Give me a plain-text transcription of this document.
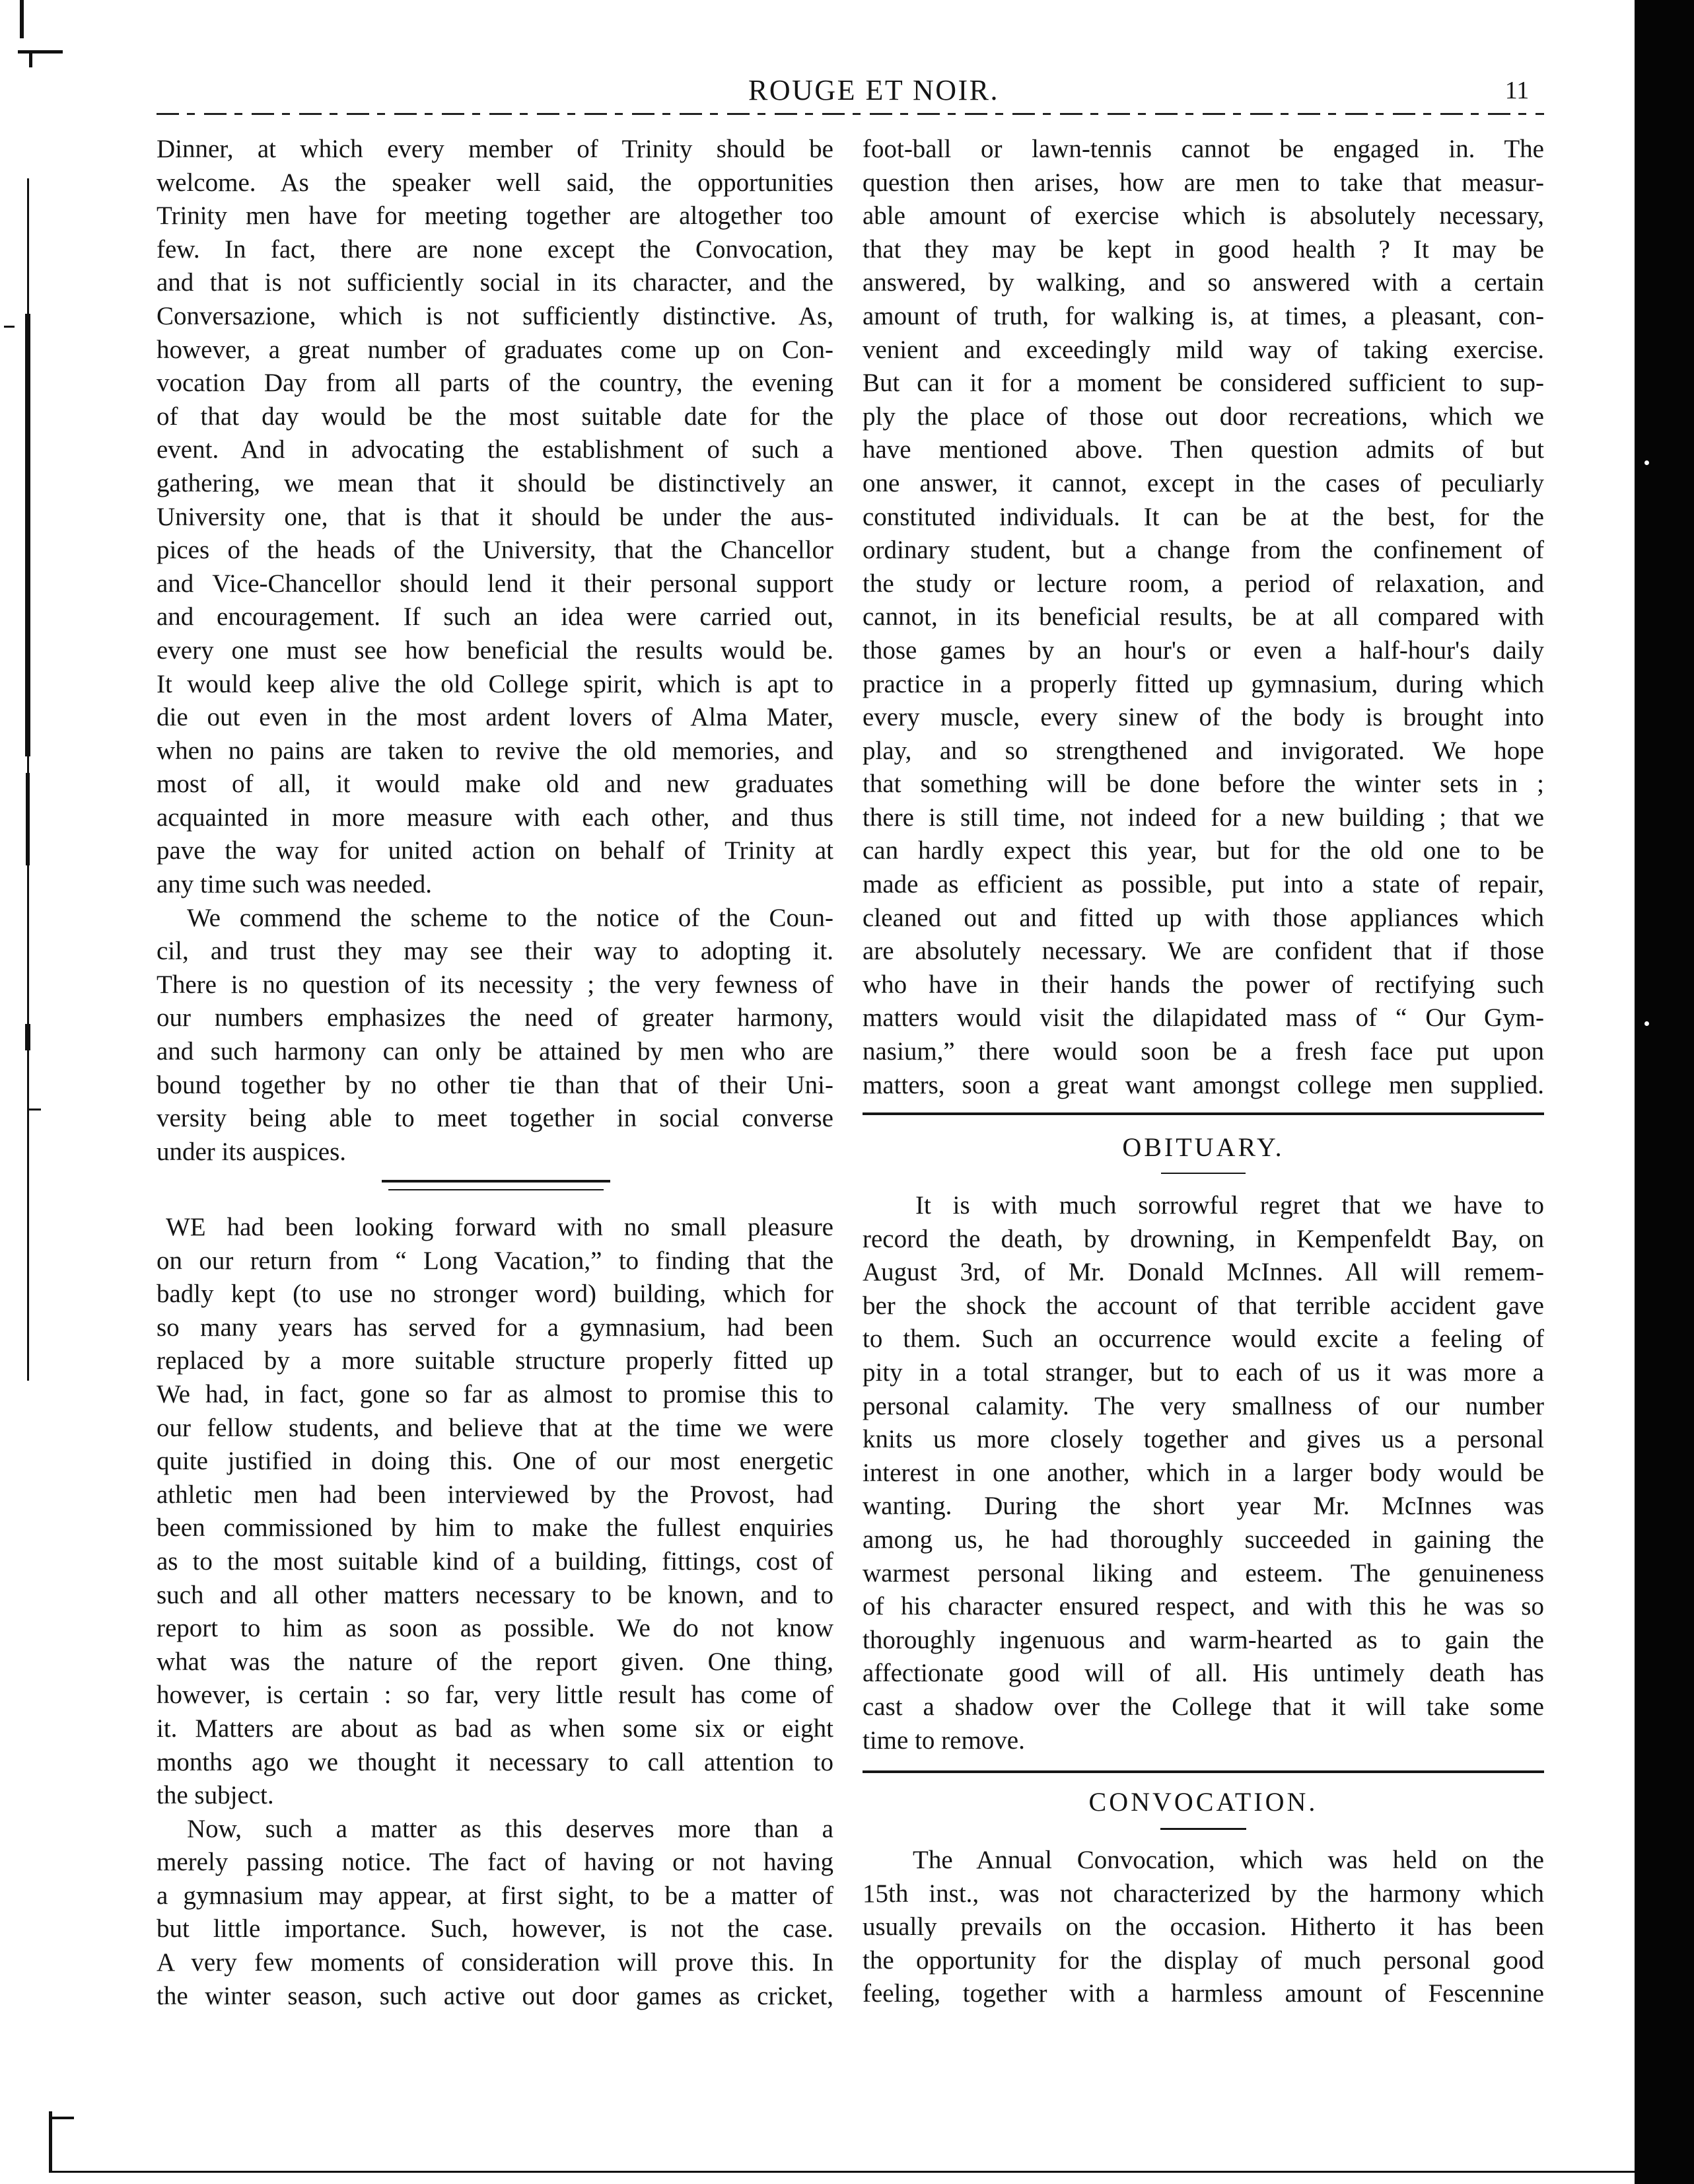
ROUGE ET NOIR.	11
Dinner, at which every member of Trinity should be
welcome. As the speaker well said, the opportunities
Trinity men have for meeting together are altogether too
few. In fact, there are none except the Convocation,
and that is not sufficiently social in its character, and the
Conversazione, which is not sufficiently distinctive. As,
however, a great number of graduates come up on Con-
vocation Day from all parts of the country, the evening
of that day would be the most suitable date for the
event. And in advocating the establishment of such a
gathering, we mean that it should be distinctively an
University one, that is that it should be under the aus-
pices of the heads of the University, that the Chancellor
and Vice-Chancellor should lend it their personal support
and encouragement. If such an idea were carried out,
every one must see how beneficial the results would be.
It would keep alive the old College spirit, which is apt to
die out even in the most ardent lovers of Alma Mater,
when no pains are taken to revive the old memories, and
most of all, it would make old and new graduates
acquainted in more measure with each other, and thus
pave the way for united action on behalf of Trinity at
any time such was needed.
We commend the scheme to the notice of the Coun-
cil, and trust they may see their way to adopting it.
There is no question of its necessity ; the very fewness of
our numbers emphasizes the need of greater harmony,
and such harmony can only be attained by men who are
bound together by no other tie than that of their Uni-
versity being able to meet together in social converse
under its auspices.
WE had been looking forward with no small pleasure
on our return from “ Long Vacation,” to finding that the
badly kept (to use no stronger word) building, which for
so many years has served for a gymnasium, had been
replaced by a more suitable structure properly fitted up
We had, in fact, gone so far as almost to promise this to
our fellow students, and believe that at the time we were
quite justified in doing this. One of our most energetic
athletic men had been interviewed by the Provost, had
been commissioned by him to make the fullest enquiries
as to the most suitable kind of a building, fittings, cost of
such and all other matters necessary to be known, and to
report to him as soon as possible. We do not know
what was the nature of the report given. One thing,
however, is certain : so far, very little result has come of
it. Matters are about as bad as when some six or eight
months ago we thought it necessary to call attention to
the subject.
Now, such a matter as this deserves more than a
merely passing notice. The fact of having or not having
a gymnasium may appear, at first sight, to be a matter of
but little importance. Such, however, is not the case.
A very few moments of consideration will prove this. In
the winter season, such active out door games as cricket,
foot-ball or lawn-tennis cannot be engaged in. The
question then arises, how are men to take that measur-
able amount of exercise which is absolutely necessary,
that they may be kept in good health ? It may be
answered, by walking, and so answered with a certain
amount of truth, for walking is, at times, a pleasant, con-
venient and exceedingly mild way of taking exercise.
But can it for a moment be considered sufficient to sup-
ply the place of those out door recreations, which we
have mentioned above. Then question admits of but
one answer, it cannot, except in the cases of peculiarly
constituted individuals. It can be at the best, for the
ordinary student, but a change from the confinement of
the study or lecture room, a period of relaxation, and
cannot, in its beneficial results, be at all compared with
those games by an hour's or even a half-hour's daily
practice in a properly fitted up gymnasium, during which
every muscle, every sinew of the body is brought into
play, and so strengthened and invigorated. We hope
that something will be done before the winter sets in ;
there is still time, not indeed for a new building ; that we
can hardly expect this year, but for the old one to be
made as efficient as possible, put into a state of repair,
cleaned out and fitted up with those appliances which
are absolutely necessary. We are confident that if those
who have in their hands the power of rectifying such
matters would visit the dilapidated mass of “ Our Gym-
nasium,” there would soon be a fresh face put upon
matters, soon a great want amongst college men supplied.
OBITUARY.
It is with much sorrowful regret that we have to
record the death, by drowning, in Kempenfeldt Bay, on
August 3rd, of Mr. Donald McInnes. All will remem-
ber the shock the account of that terrible accident gave
to them. Such an occurrence would excite a feeling of
pity in a total stranger, but to each of us it was more a
personal calamity. The very smallness of our number
knits us more closely together and gives us a personal
interest in one another, which in a larger body would be
wanting. During the short year Mr. McInnes was
among us, he had thoroughly succeeded in gaining the
warmest personal liking and esteem. The genuineness
of his character ensured respect, and with this he was so
thoroughly ingenuous and warm-hearted as to gain the
affectionate good will of all. His untimely death has
cast a shadow over the College that it will take some
time to remove.
CONVOCATION.
The Annual Convocation, which was held on the
15th inst., was not characterized by the harmony which
usually prevails on the occasion. Hitherto it has been
the opportunity for the display of much personal good
feeling, together with a harmless amount of Fescennine
